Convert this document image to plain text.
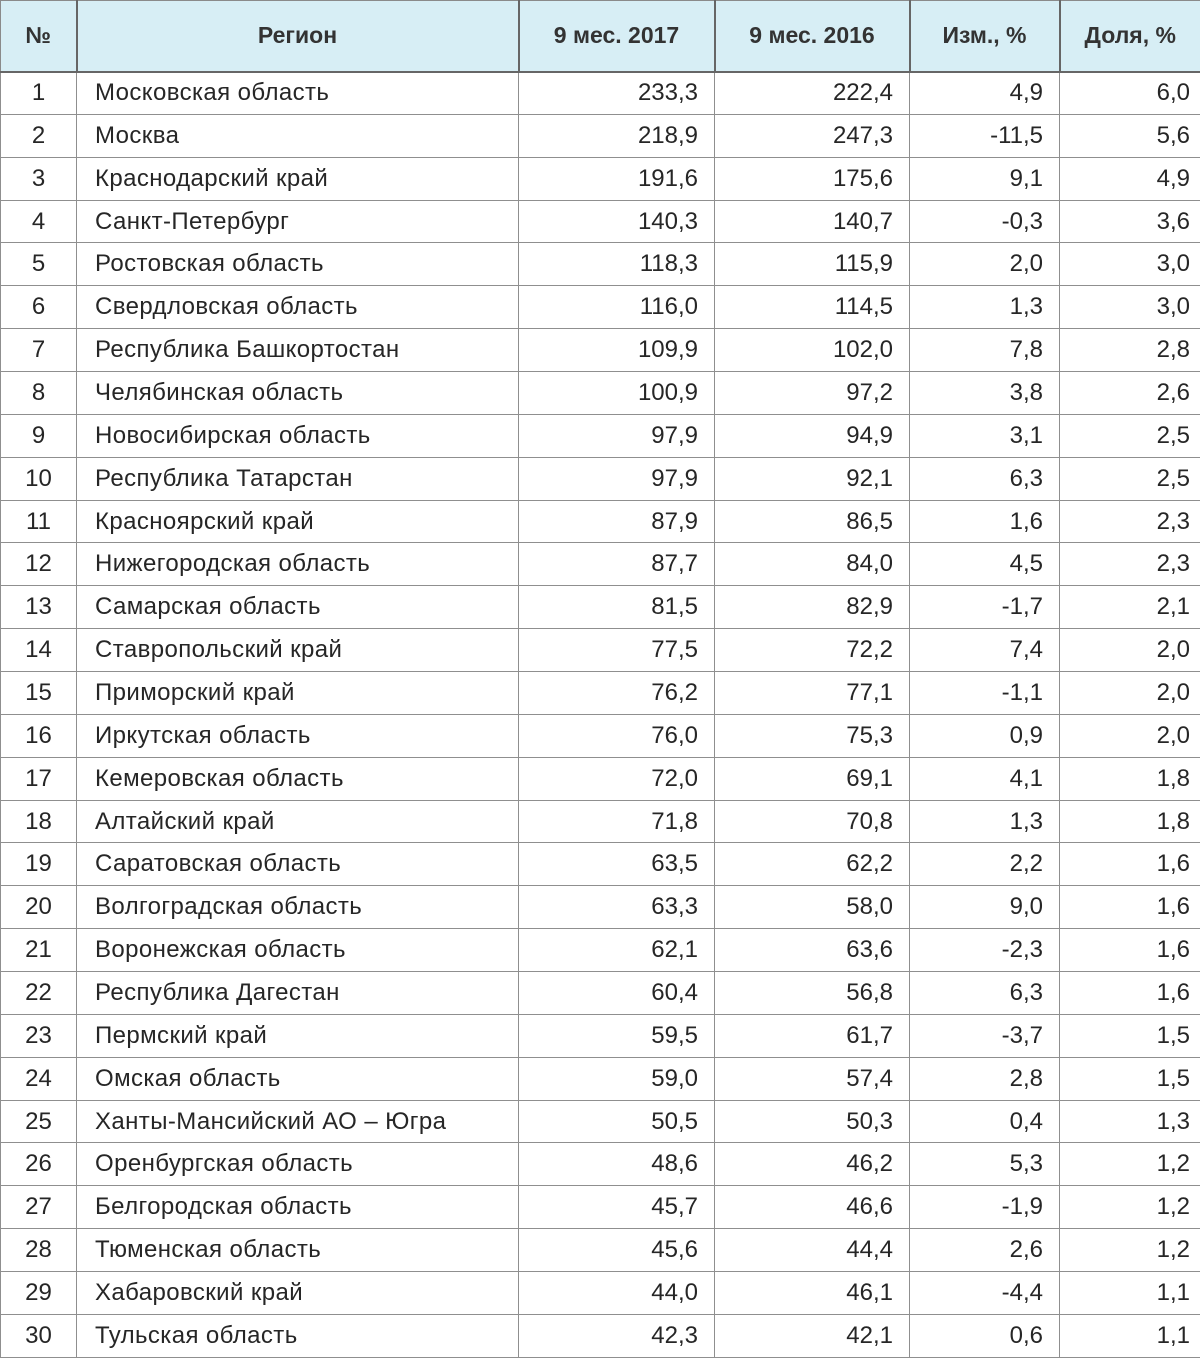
№	Регион	9 мес. 2017	9 мес. 2016	Изм., %	Доля, %
1	Московская область	233,3	222,4	4,9	6,0
2	Москва	218,9	247,3	-11,5	5,6
3	Краснодарский край	191,6	175,6	9,1	4,9
4	Санкт-Петербург	140,3	140,7	-0,3	3,6
5	Ростовская область	118,3	115,9	2,0	3,0
6	Свердловская область	116,0	114,5	1,3	3,0
7	Республика Башкортостан	109,9	102,0	7,8	2,8
8	Челябинская область	100,9	97,2	3,8	2,6
9	Новосибирская область	97,9	94,9	3,1	2,5
10	Республика Татарстан	97,9	92,1	6,3	2,5
11	Красноярский край	87,9	86,5	1,6	2,3
12	Нижегородская область	87,7	84,0	4,5	2,3
13	Самарская область	81,5	82,9	-1,7	2,1
14	Ставропольский край	77,5	72,2	7,4	2,0
15	Приморский край	76,2	77,1	-1,1	2,0
16	Иркутская область	76,0	75,3	0,9	2,0
17	Кемеровская область	72,0	69,1	4,1	1,8
18	Алтайский край	71,8	70,8	1,3	1,8
19	Саратовская область	63,5	62,2	2,2	1,6
20	Волгоградская область	63,3	58,0	9,0	1,6
21	Воронежская область	62,1	63,6	-2,3	1,6
22	Республика Дагестан	60,4	56,8	6,3	1,6
23	Пермский край	59,5	61,7	-3,7	1,5
24	Омская область	59,0	57,4	2,8	1,5
25	Ханты-Мансийский АО – Югра	50,5	50,3	0,4	1,3
26	Оренбургская область	48,6	46,2	5,3	1,2
27	Белгородская область	45,7	46,6	-1,9	1,2
28	Тюменская область	45,6	44,4	2,6	1,2
29	Хабаровский край	44,0	46,1	-4,4	1,1
30	Тульская область	42,3	42,1	0,6	1,1
